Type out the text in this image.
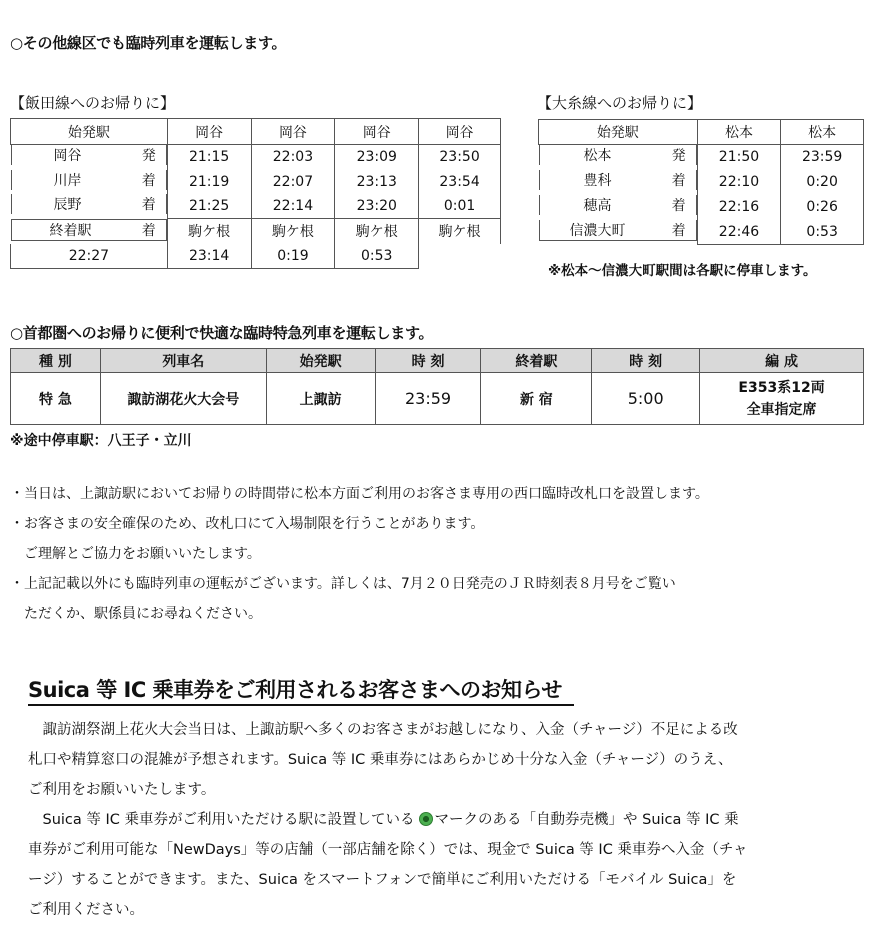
○その他線区でも臨時列車を運転します。
【飯田線へのお帰りに】
始発駅	岡谷	岡谷	岡谷	岡谷

岡谷	発 21:15	22:03	23:09	23:50

川岸	着 21:19	22:07	23:13	23:54

辰野	着 21:25	22:14	23:20	0:01

終着駅	着 駒ケ根	駒ケ根	駒ケ根	駒ケ根
22:27	23:14	0:19	0:53	
【大糸線へのお帰りに】
始発駅	松本	松本

松本	発 21:50	23:59

豊科	着 22:10	0:20

穂高	着 22:16	0:26

信濃大町	着 22:46	0:53
※松本～信濃大町駅間は各駅に停車します。
○首都圏へのお帰りに便利で快適な臨時特急列車を運転します。
種 別	列車名	始発駅	時 刻	終着駅	時 刻	編 成
特 急	諏訪湖花火大会号	上諏訪	23:59	新 宿	5:00	E353系12両
全車指定席
※途中停車駅：八王子・立川
・当日は、上諏訪駅においてお帰りの時間帯に松本方面ご利用のお客さま専用の西口臨時改札口を設置します。
・お客さまの安全確保のため、改札口にて入場制限を行うことがあります。
　ご理解とご協力をお願いいたします。
・上記記載以外にも臨時列車の運転がございます。詳しくは、7月２０日発売のＪＲ時刻表８月号をご覧い
　ただくか、駅係員にお尋ねください。
Suica 等 IC 乗車券をご利用されるお客さまへのお知らせ
　諏訪湖祭湖上花火大会当日は、上諏訪駅へ多くのお客さまがお越しになり、入金（チャージ）不足による改
札口や精算窓口の混雑が予想されます。Suica 等 IC 乗車券にはあらかじめ十分な入金（チャージ）のうえ、
ご利用をお願いいたします。
　Suica 等 IC 乗車券がご利用いただける駅に設置している マークのある「自動券売機」や Suica 等 IC 乗
車券がご利用可能な「NewDays」等の店舗（一部店舗を除く）では、現金で Suica 等 IC 乗車券へ入金（チャ
ージ）することができます。また、Suica をスマートフォンで簡単にご利用いただける「モバイル Suica」を
ご利用ください。
